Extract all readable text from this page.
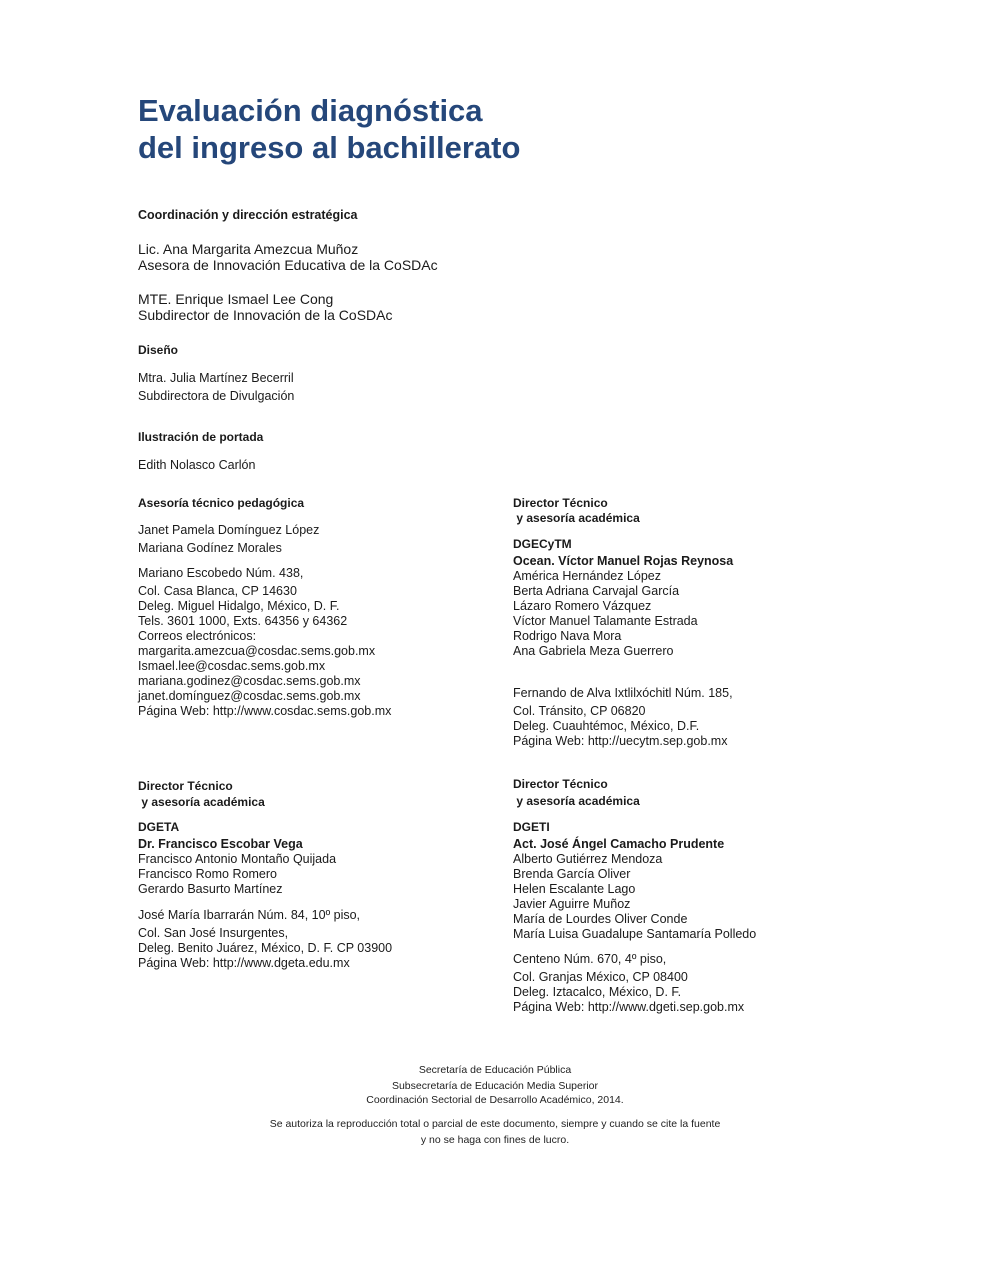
Evaluación diagnóstica
del ingreso al bachillerato
Coordinación y dirección estratégica
Lic. Ana Margarita Amezcua Muñoz
Asesora de Innovación Educativa de la CoSDAc
MTE. Enrique Ismael Lee Cong
Subdirector de Innovación de la CoSDAc
Diseño
Mtra. Julia Martínez Becerril
Subdirectora de Divulgación
Ilustración de portada
Edith Nolasco Carlón
Asesoría técnico pedagógica
Janet Pamela Domínguez López
Mariana Godínez Morales
Mariano Escobedo Núm. 438,
Col. Casa Blanca, CP 14630
Deleg. Miguel Hidalgo, México, D. F.
Tels. 3601 1000, Exts. 64356 y 64362
Correos electrónicos:
margarita.amezcua@cosdac.sems.gob.mx
Ismael.lee@cosdac.sems.gob.mx
mariana.godinez@cosdac.sems.gob.mx
janet.domínguez@cosdac.sems.gob.mx
Página Web: http://www.cosdac.sems.gob.mx
Director Técnico
y asesoría académica
DGECyTM
Ocean. Víctor Manuel Rojas Reynosa
América Hernández López
Berta Adriana Carvajal García
Lázaro Romero Vázquez
Víctor Manuel Talamante Estrada
Rodrigo Nava Mora
Ana Gabriela Meza Guerrero
Fernando de Alva Ixtlilxóchitl Núm. 185,
Col. Tránsito, CP 06820
Deleg. Cuauhtémoc, México, D.F.
Página Web: http://uecytm.sep.gob.mx
Director Técnico
y asesoría académica
DGETA
Dr. Francisco Escobar Vega
Francisco Antonio Montaño Quijada
Francisco Romo Romero
Gerardo Basurto Martínez
José María Ibarrarán Núm. 84, 10º piso,
Col. San José Insurgentes,
Deleg. Benito Juárez, México, D. F. CP 03900
Página Web: http://www.dgeta.edu.mx
Director Técnico
y asesoría académica
DGETI
Act. José Ángel Camacho Prudente
Alberto Gutiérrez Mendoza
Brenda García Oliver
Helen Escalante Lago
Javier Aguirre Muñoz
María de Lourdes Oliver Conde
María Luisa Guadalupe Santamaría Polledo
Centeno Núm. 670, 4º piso,
Col. Granjas México, CP 08400
Deleg. Iztacalco, México, D. F.
Página Web: http://www.dgeti.sep.gob.mx
Secretaría de Educación Pública
Subsecretaría de Educación Media Superior
Coordinación Sectorial de Desarrollo Académico, 2014.
Se autoriza la reproducción total o parcial de este documento, siempre y cuando se cite la fuente
y no se haga con fines de lucro.
